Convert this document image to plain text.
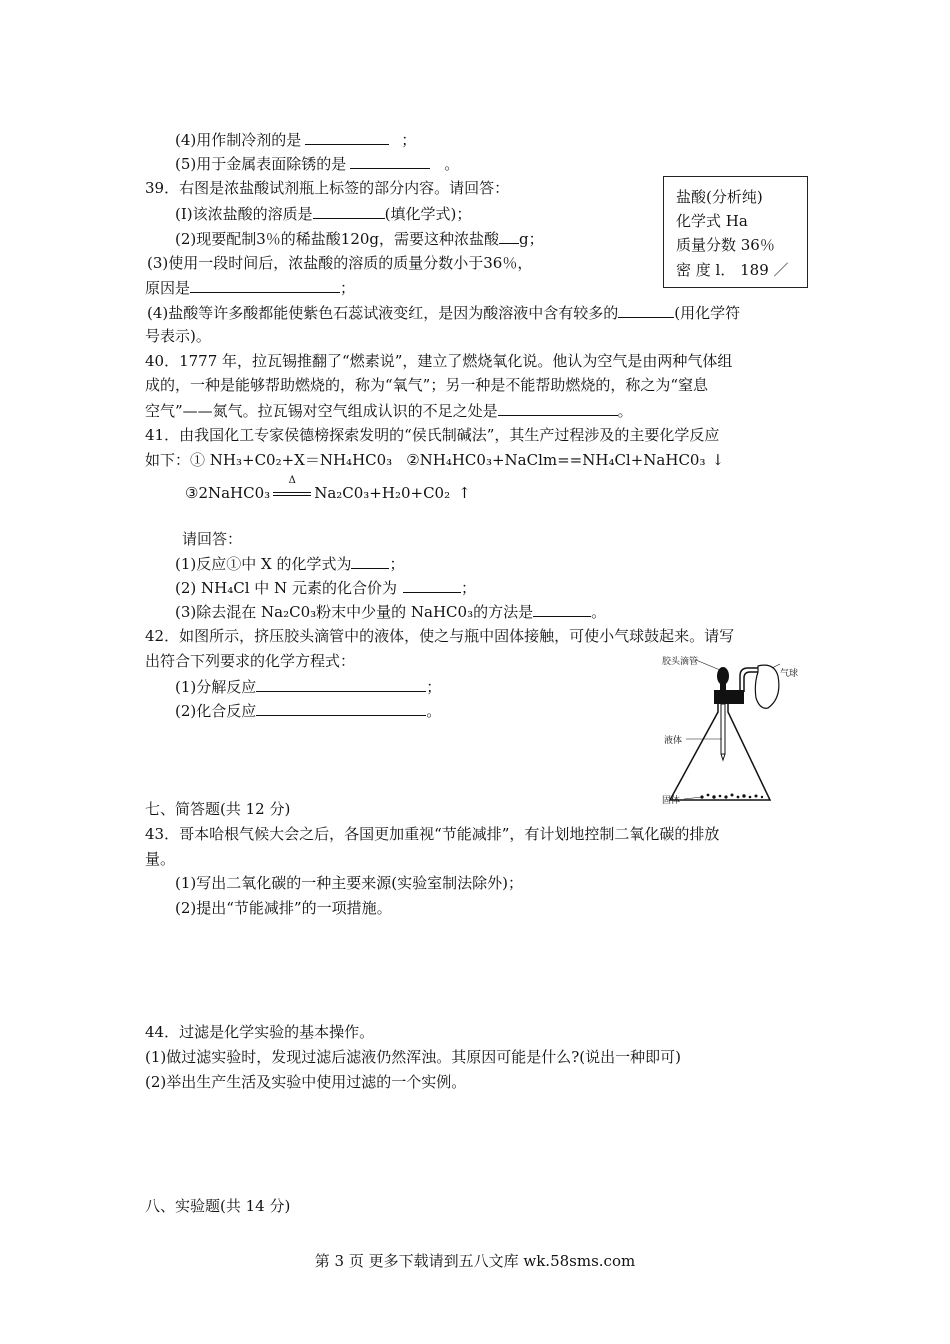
(4)用作制冷剂的是	；
(5)用于金属表面除锈的是	。
39．右图是浓盐酸试剂瓶上标签的部分内容。请回答：
(I)该浓盐酸的溶质是	(填化学式)；
(2)现要配制3％的稀盐酸120g，需要这种浓盐酸 g；
(3)使用一段时间后，浓盐酸的溶质的质量分数小于36％，
原因是	；
(4)盐酸等许多酸都能使紫色石蕊试液变红，是因为酸溶液中含有较多的	(用化学符
号表示)。
盐酸(分析纯)
化学式 Ha
质量分数 36％
密 度 l． 189 ／
40．1777 年，拉瓦锡推翻了“燃素说”，建立了燃烧氧化说。他认为空气是由两种气体组
成的，一种是能够帮助燃烧的，称为“氧气”；另一种是不能帮助燃烧的，称之为“窒息
空气”——氮气。拉瓦锡对空气组成认识的不足之处是	。
41．由我国化工专家侯德榜探索发明的“侯氏制碱法”，其生产过程涉及的主要化学反应
如下：① NH₃+C0₂+X＝NH₄HC0₃ ②NH₄HC0₃+NaClm==NH₄Cl+NaHC0₃ ↓
③2NaHC0₃
Δ
Na₂C0₃+H₂0+C0₂ ↑
请回答：
(1)反应①中 X 的化学式为	；
(2) NH₄Cl 中 N 元素的化合价为	；
(3)除去混在 Na₂C0₃粉末中少量的 NaHC0₃的方法是	。
42．如图所示，挤压胶头滴管中的液体，使之与瓶中固体接触，可使小气球鼓起来。请写
出符合下列要求的化学方程式：
(1)分解反应	；
(2)化合反应	。
胶头滴管
气球
液体
固体
七、简答题(共 12 分)
43．哥本哈根气候大会之后，各国更加重视“节能减排”，有计划地控制二氧化碳的排放
量。
(1)写出二氧化碳的一种主要来源(实验室制法除外)；
(2)提出“节能减排”的一项措施。
44．过滤是化学实验的基本操作。
(1)做过滤实验时，发现过滤后滤液仍然浑浊。其原因可能是什么?(说出一种即可)
(2)举出生产生活及实验中使用过滤的一个实例。
八、实验题(共 14 分)
第 3 页 更多下载请到五八文库 wk.58sms.com
